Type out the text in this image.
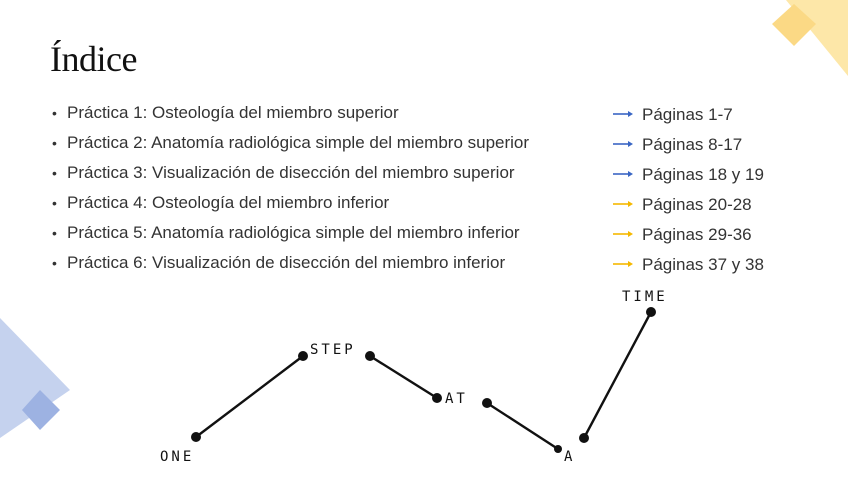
Índice
• Práctica 1: Osteología del miembro superior
• Práctica 2: Anatomía radiológica simple del miembro superior
• Práctica 3: Visualización de disección del miembro superior
• Práctica 4: Osteología del miembro inferior
• Práctica 5: Anatomía radiológica simple del miembro inferior
• Práctica 6: Visualización de disección del miembro inferior
Páginas 1-7
Páginas 8-17
Páginas 18 y 19
Páginas 20-28
Páginas 29-36
Páginas 37 y 38
ONE
STEP
AT
A
TIME
